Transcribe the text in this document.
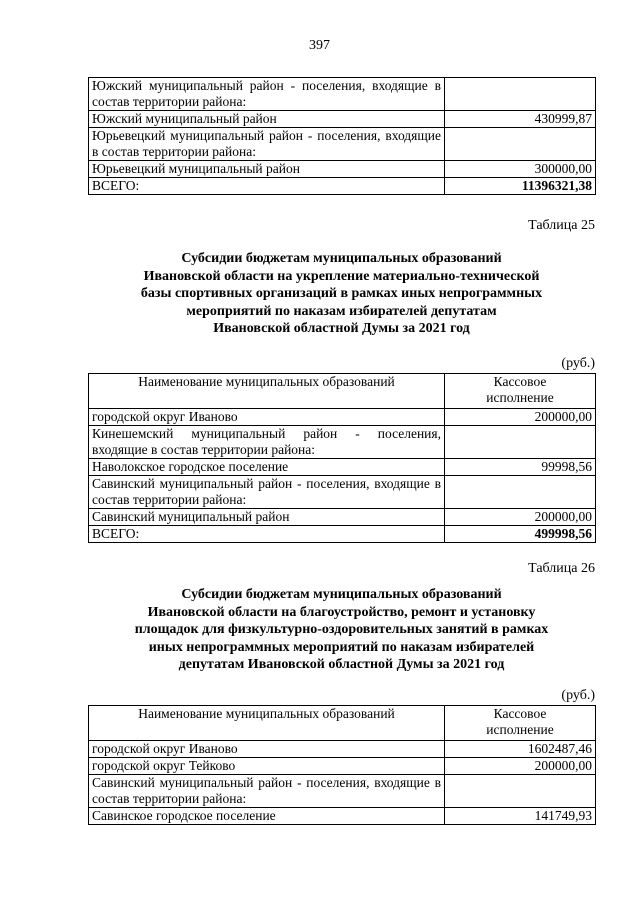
397
Южский муниципальный район - поселения, входящие в состав территории района:	
Южский муниципальный район	430999,87
Юрьевецкий муниципальный район - поселения, входящие в состав территории района:	
Юрьевецкий муниципальный район	300000,00
ВСЕГО:	11396321,38
Таблица 25
Субсидии бюджетам муниципальных образований
Ивановской области на укрепление материально-технической
базы спортивных организаций в рамках иных непрограммных
мероприятий по наказам избирателей депутатам
Ивановской областной Думы за 2021 год
(руб.)
Наименование муниципальных образований	Кассовое
исполнение

городской округ Иваново	200000,00
Кинешемский муниципальный район - поселения, входящие в состав территории района:	
Наволокское городское поселение	99998,56
Савинский муниципальный район - поселения, входящие в состав территории района:	
Савинский муниципальный район	200000,00
ВСЕГО:	499998,56
Таблица 26
Субсидии бюджетам муниципальных образований
Ивановской области на благоустройство, ремонт и установку
площадок для физкультурно-оздоровительных занятий в рамках
иных непрограммных мероприятий по наказам избирателей
депутатам Ивановской областной Думы за 2021 год
(руб.)
Наименование муниципальных образований	Кассовое
исполнение

городской округ Иваново	1602487,46
городской округ Тейково	200000,00
Савинский муниципальный район - поселения, входящие в состав территории района:	
Савинское городское поселение	141749,93
